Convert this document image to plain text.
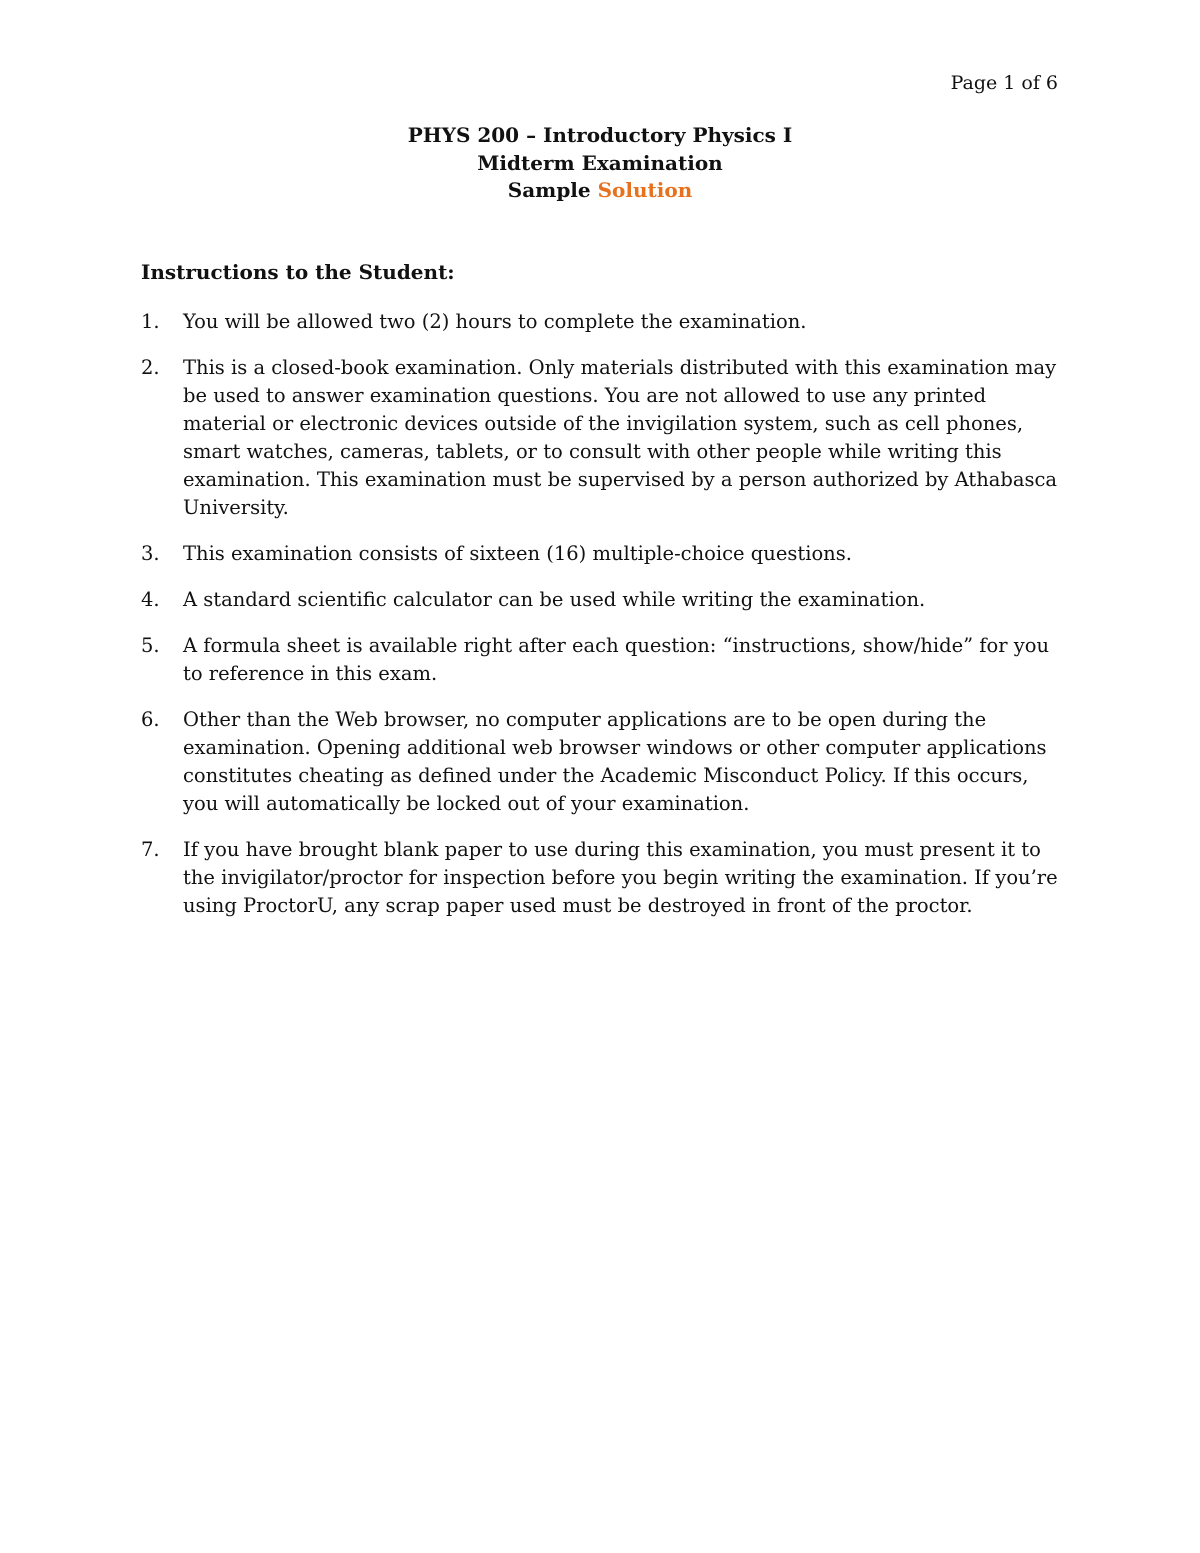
Page 1 of 6
PHYS 200 – Introductory Physics I
Midterm Examination
Sample Solution
Instructions to the Student:
1.	You will be allowed two (2) hours to complete the examination.
2.	This is a closed-book examination. Only materials distributed with this examination may be used to answer examination questions. You are not allowed to use any printed material or electronic devices outside of the invigilation system, such as cell phones, smart watches, cameras, tablets, or to consult with other people while writing this examination. This examination must be supervised by a person authorized by Athabasca University.
3.	This examination consists of sixteen (16) multiple-choice questions.
4.	A standard scientific calculator can be used while writing the examination.
5.	A formula sheet is available right after each question: “instructions, show/hide” for you to reference in this exam.
6.	Other than the Web browser, no computer applications are to be open during the examination. Opening additional web browser windows or other computer applications constitutes cheating as defined under the Academic Misconduct Policy. If this occurs, you will automatically be locked out of your examination.
7.	If you have brought blank paper to use during this examination, you must present it to the invigilator/proctor for inspection before you begin writing the examination. If you’re using ProctorU, any scrap paper used must be destroyed in front of the proctor.
